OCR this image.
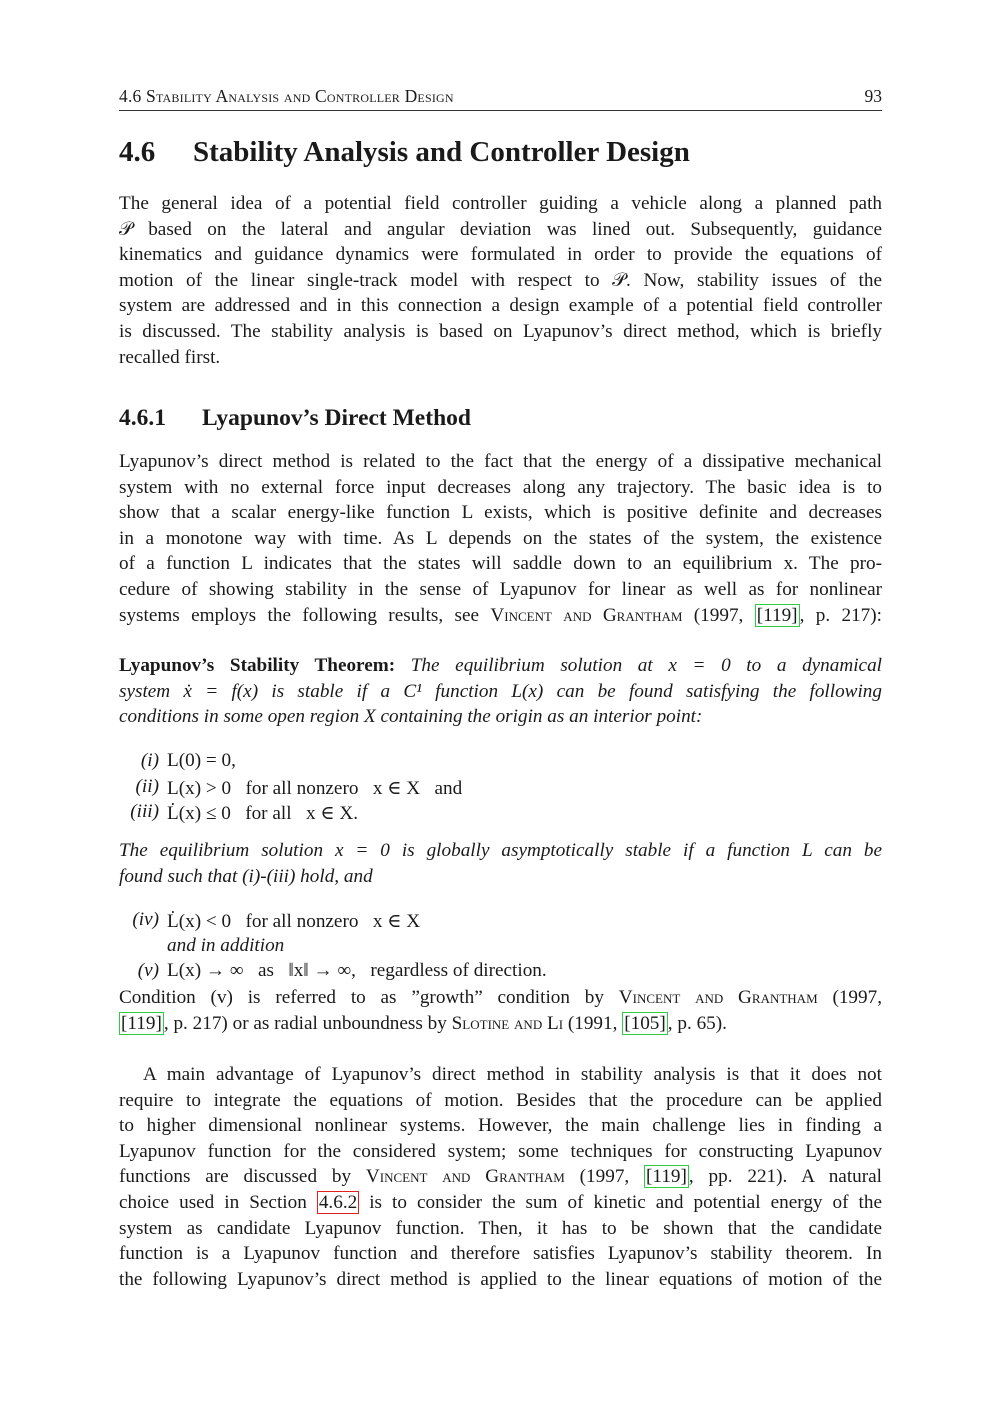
4.6 Stability Analysis and Controller Design	93
4.6 Stability Analysis and Controller Design
The general idea of a potential field controller guiding a vehicle along a planned path
𝒫 based on the lateral and angular deviation was lined out. Subsequently, guidance
kinematics and guidance dynamics were formulated in order to provide the equations of
motion of the linear single-track model with respect to 𝒫. Now, stability issues of the
system are addressed and in this connection a design example of a potential field controller
is discussed. The stability analysis is based on Lyapunov’s direct method, which is briefly
recalled first.
4.6.1 Lyapunov’s Direct Method
Lyapunov’s direct method is related to the fact that the energy of a dissipative mechanical
system with no external force input decreases along any trajectory. The basic idea is to
show that a scalar energy-like function L exists, which is positive definite and decreases
in a monotone way with time. As L depends on the states of the system, the existence
of a function L indicates that the states will saddle down to an equilibrium x. The pro-
cedure of showing stability in the sense of Lyapunov for linear as well as for nonlinear
systems employs the following results, see Vincent and Grantham (1997, [119] , p. 217):
Lyapunov’s Stability Theorem: The equilibrium solution at x = 0 to a dynamical
system ẋ = f(x) is stable if a C¹ function L(x) can be found satisfying the following
conditions in some open region X containing the origin as an interior point:
(i) L(0) = 0,
(ii) L(x) > 0   for all nonzero   x ∈ X   and
(iii) L̇(x) ≤ 0   for all   x ∈ X.
The equilibrium solution x = 0 is globally asymptotically stable if a function L can be
found such that (i)-(iii) hold, and
(iv) L̇(x) < 0   for all nonzero   x ∈ X
and in addition
(v) L(x) → ∞   as   ‖x‖ → ∞,   regardless of direction.
Condition (v) is referred to as ”growth” condition by Vincent and Grantham (1997,
[119] , p. 217) or as radial unboundness by Slotine and Li (1991, [105] , p. 65).
A main advantage of Lyapunov’s direct method in stability analysis is that it does not
require to integrate the equations of motion. Besides that the procedure can be applied
to higher dimensional nonlinear systems. However, the main challenge lies in finding a
Lyapunov function for the considered system; some techniques for constructing Lyapunov
functions are discussed by Vincent and Grantham (1997, [119] , pp. 221). A natural
choice used in Section 4.6.2 is to consider the sum of kinetic and potential energy of the
system as candidate Lyapunov function. Then, it has to be shown that the candidate
function is a Lyapunov function and therefore satisfies Lyapunov’s stability theorem. In
the following Lyapunov’s direct method is applied to the linear equations of motion of the
